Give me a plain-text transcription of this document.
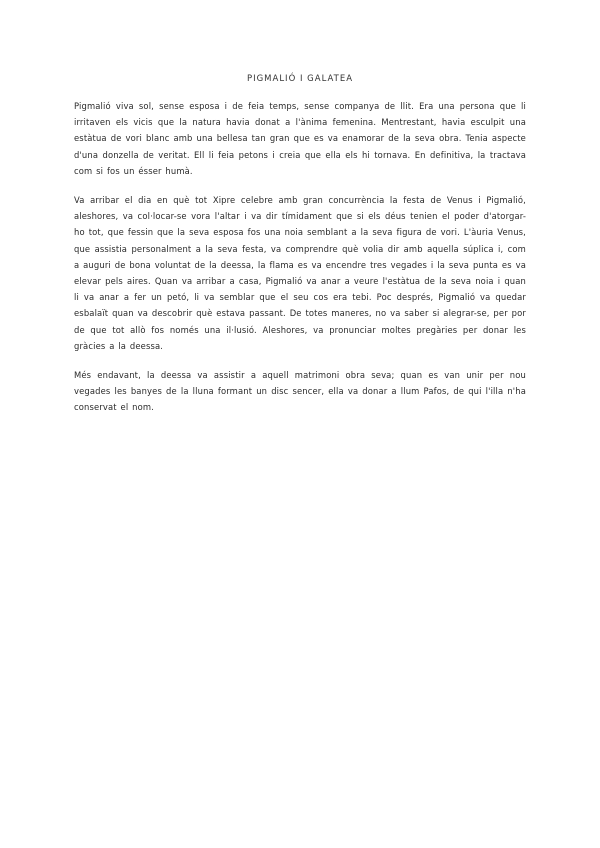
PIGMALIÓ I GALATEA

Pigmalió viva sol, sense esposa i de feia temps, sense companya de llit. Era una persona que li irritaven els vicis que la natura havia donat a l'ànima femenina. Mentrestant, havia esculpit una estàtua de vori blanc amb una bellesa tan gran que es va enamorar de la seva obra. Tenia aspecte d'una donzella de veritat. Ell li feia petons i creia que ella els hi tornava. En definitiva, la tractava com si fos un ésser humà.

Va arribar el dia en què tot Xipre celebre amb gran concurrència la festa de Venus i Pigmalió, aleshores, va col·locar-se vora l'altar i va dir tímidament que si els déus tenien el poder d'atorgar-ho tot, que fessin que la seva esposa fos una noia semblant a la seva figura de vori. L'àuria Venus, que assistia personalment a la seva festa, va comprendre què volia dir amb aquella súplica i, com a auguri de bona voluntat de la deessa, la flama es va encendre tres vegades i la seva punta es va elevar pels aires. Quan va arribar a casa, Pigmalió va anar a veure l'estàtua de la seva noia i quan li va anar a fer un petó, li va semblar que el seu cos era tebi. Poc després, Pigmalió va quedar esbalaït quan va descobrir què estava passant. De totes maneres, no va saber si alegrar-se, per por de que tot allò fos només una il·lusió. Aleshores, va pronunciar moltes pregàries per donar les gràcies a la deessa.

Més endavant, la deessa va assistir a aquell matrimoni obra seva; quan es van unir per nou vegades les banyes de la lluna formant un disc sencer, ella va donar a llum Pafos, de qui l'illa n'ha conservat el nom.
